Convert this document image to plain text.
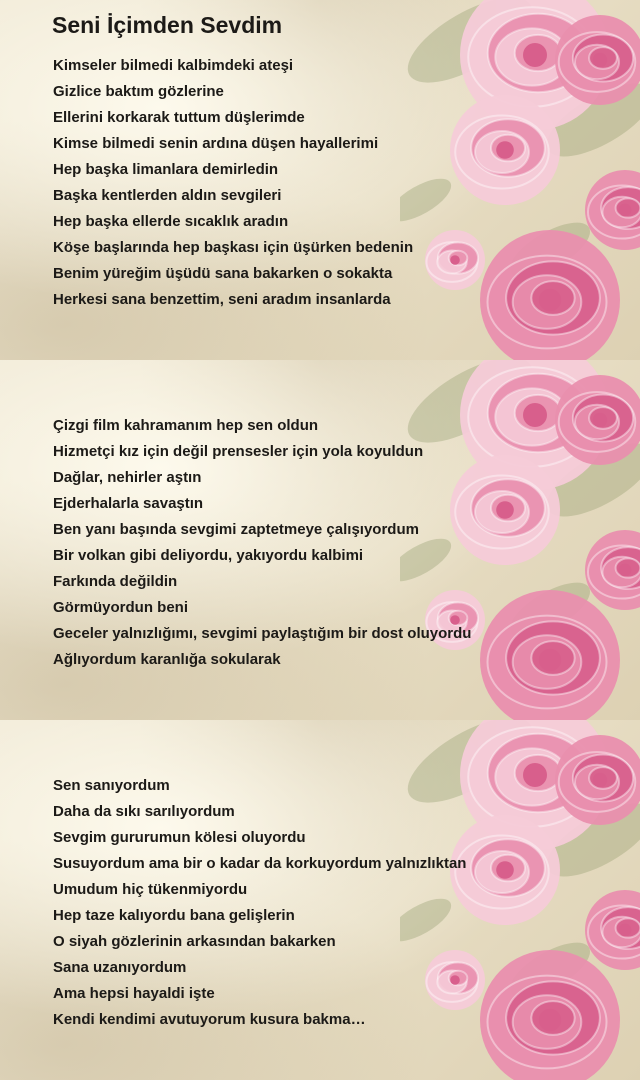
Seni İçimden Sevdim
Kimseler bilmedi kalbimdeki ateşi
Gizlice baktım gözlerine
Ellerini korkarak tuttum düşlerimde
Kimse bilmedi senin ardına düşen hayallerimi
Hep başka limanlara demirledin
Başka kentlerden aldın sevgileri
Hep başka ellerde sıcaklık aradın
Köşe başlarında hep başkası için üşürken bedenin
Benim yüreğim üşüdü sana bakarken o sokakta
Herkesi sana benzettim, seni aradım insanlarda
Çizgi film kahramanım hep sen oldun
Hizmetçi kız için değil prensesler için yola koyuldun
Dağlar, nehirler aştın
Ejderhalarla savaştın
Ben yanı başında sevgimi zaptetmeye çalışıyordum
Bir volkan gibi deliyordu, yakıyordu kalbimi
Farkında değildin
Görmüyordun beni
Geceler yalnızlığımı, sevgimi paylaştığım bir dost oluyordu
Ağlıyordum karanlığa sokularak
Sen sanıyordum
Daha da sıkı sarılıyordum
Sevgim gururumun kölesi oluyordu
Susuyordum ama bir o kadar da korkuyordum yalnızlıktan
Umudum hiç tükenmiyordu
Hep taze kalıyordu bana gelişlerin
O siyah gözlerinin arkasından bakarken
Sana uzanıyordum
Ama hepsi hayaldi işte
Kendi kendimi avutuyorum kusura bakma…
